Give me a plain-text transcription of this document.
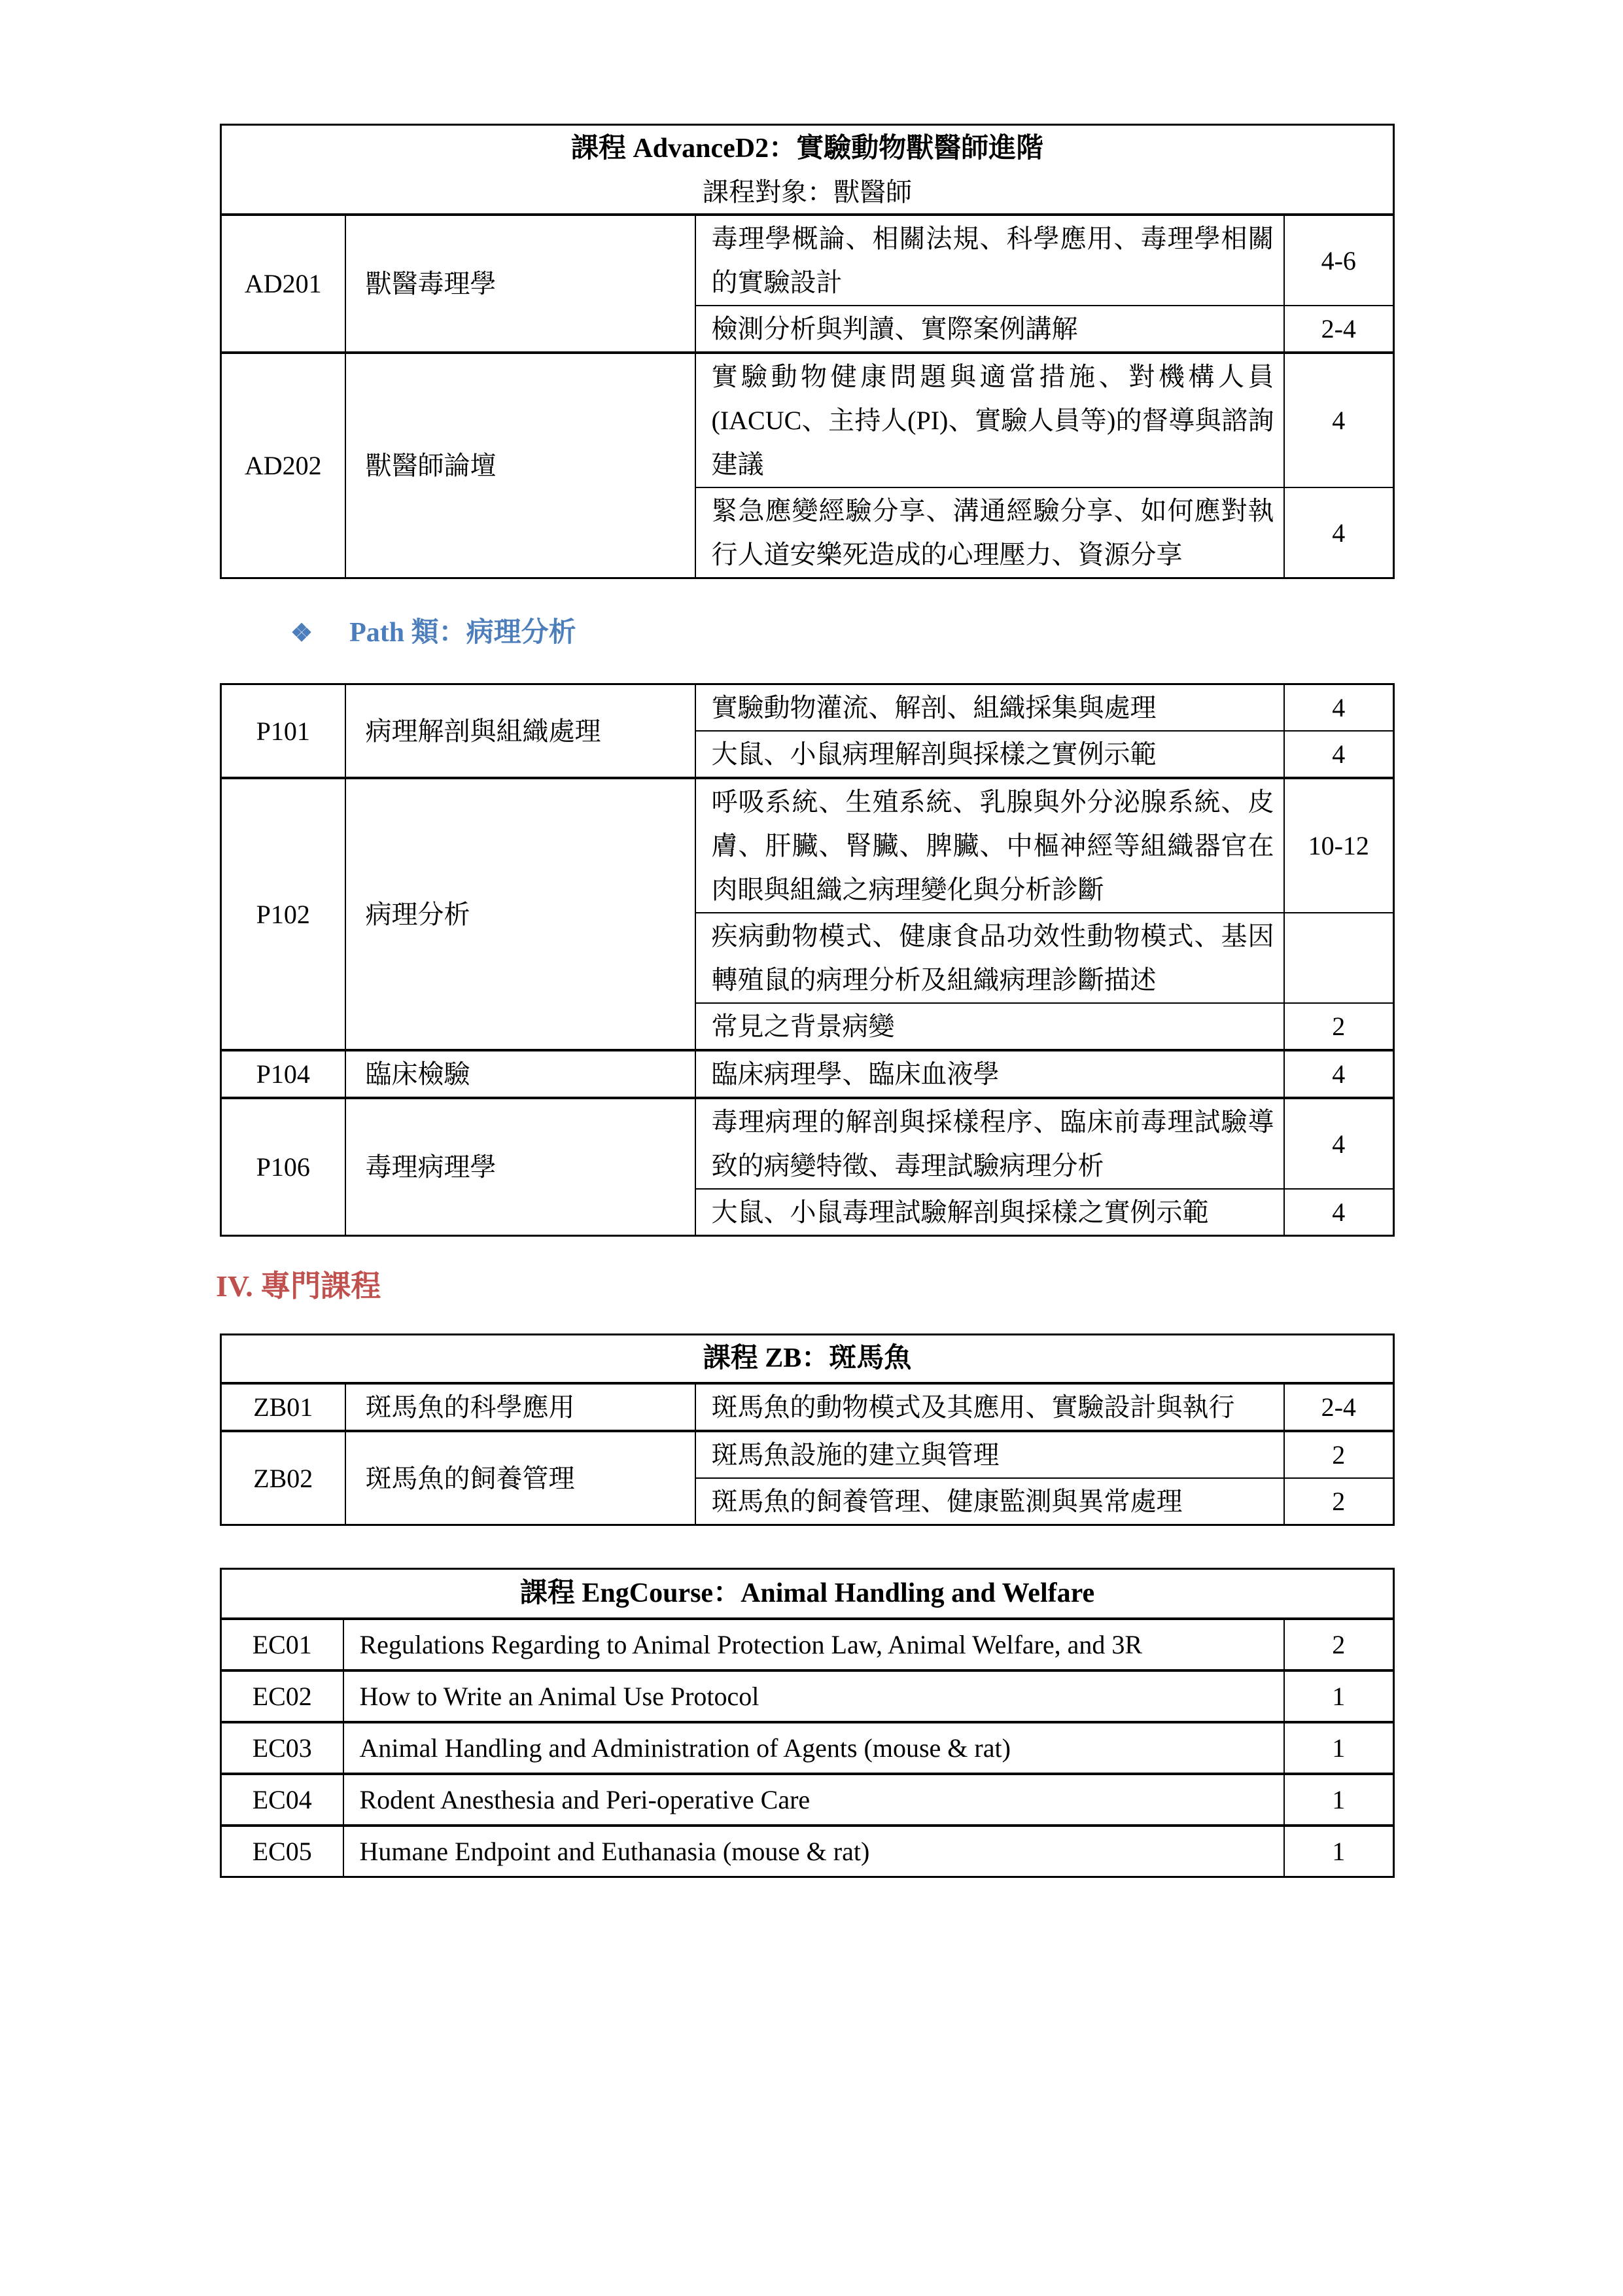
課程 AdvanceD2：實驗動物獸醫師進階
課程對象：獸醫師			

AD201	獸醫毒理學	毒理學概論、相關法規、科學應用、毒理學相關的實驗設計	4-6
		檢測分析與判讀、實際案例講解	2-4
AD202	獸醫師論壇	實驗動物健康問題與適當措施、對機構人員(IACUC、主持人(PI)、實驗人員等)的督導與諮詢建議	4
		緊急應變經驗分享、溝通經驗分享、如何應對執行人道安樂死造成的心理壓力、資源分享	4
❖ Path 類：病理分析
P101	病理解剖與組織處理	實驗動物灌流、解剖、組織採集與處理	4
		大鼠、小鼠病理解剖與採樣之實例示範	4
P102	病理分析	呼吸系統、生殖系統、乳腺與外分泌腺系統、皮膚、肝臟、腎臟、脾臟、中樞神經等組織器官在肉眼與組織之病理變化與分析診斷	10-12
		疾病動物模式、健康食品功效性動物模式、基因轉殖鼠的病理分析及組織病理診斷描述	
		常見之背景病變	2
P104	臨床檢驗	臨床病理學、臨床血液學	4
P106	毒理病理學	毒理病理的解剖與採樣程序、臨床前毒理試驗導致的病變特徵、毒理試驗病理分析	4
		大鼠、小鼠毒理試驗解剖與採樣之實例示範	4
IV. 專門課程
課程 ZB：斑馬魚			

ZB01	斑馬魚的科學應用	斑馬魚的動物模式及其應用、實驗設計與執行	2-4
ZB02	斑馬魚的飼養管理	斑馬魚設施的建立與管理	2
		斑馬魚的飼養管理、健康監測與異常處理	2
課程 EngCourse：Animal Handling and Welfare		

EC01	Regulations Regarding to Animal Protection Law, Animal Welfare, and 3R	2
EC02	How to Write an Animal Use Protocol	1
EC03	Animal Handling and Administration of Agents (mouse & rat)	1
EC04	Rodent Anesthesia and Peri-operative Care	1
EC05	Humane Endpoint and Euthanasia (mouse & rat)	1
